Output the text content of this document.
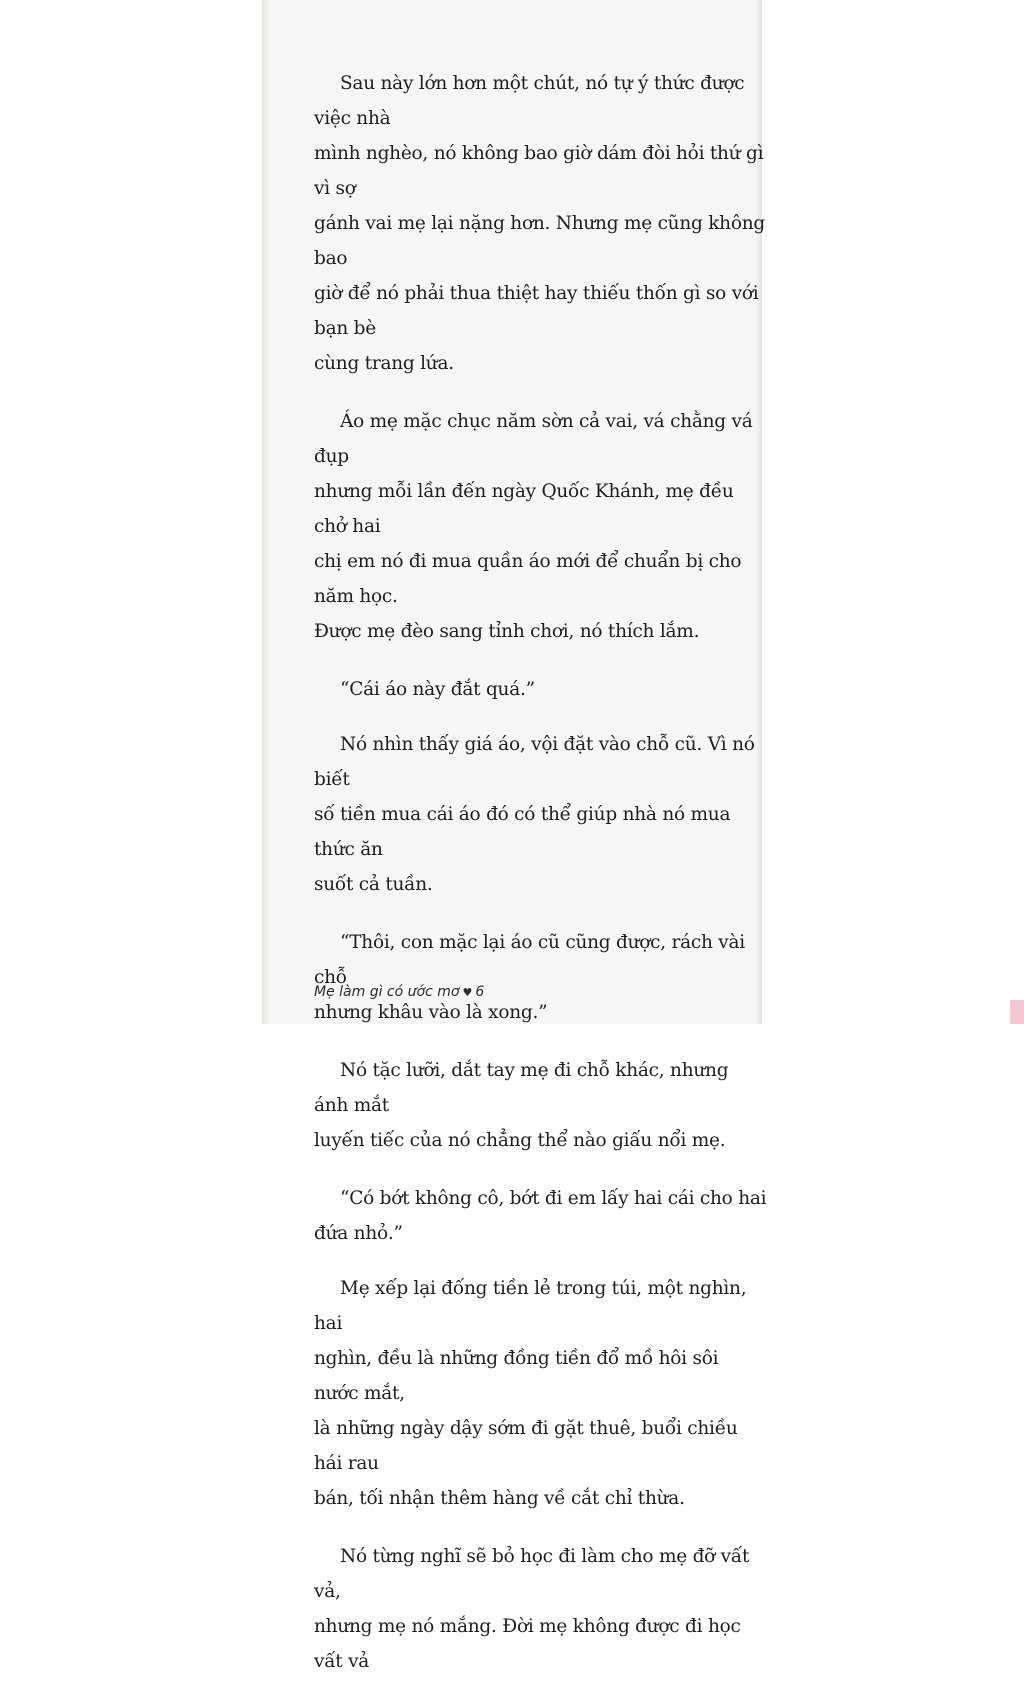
Sau này lớn hơn một chút, nó tự ý thức được việc nhà
mình nghèo, nó không bao giờ dám đòi hỏi thứ gì vì sợ
gánh vai mẹ lại nặng hơn. Nhưng mẹ cũng không bao
giờ để nó phải thua thiệt hay thiếu thốn gì so với bạn bè
cùng trang lứa.

Áo mẹ mặc chục năm sờn cả vai, vá chằng vá đụp
nhưng mỗi lần đến ngày Quốc Khánh, mẹ đều chở hai
chị em nó đi mua quần áo mới để chuẩn bị cho năm học.
Được mẹ đèo sang tỉnh chơi, nó thích lắm.

“Cái áo này đắt quá.”

Nó nhìn thấy giá áo, vội đặt vào chỗ cũ. Vì nó biết
số tiền mua cái áo đó có thể giúp nhà nó mua thức ăn
suốt cả tuần.

“Thôi, con mặc lại áo cũ cũng được, rách vài chỗ
nhưng khâu vào là xong.”

Nó tặc lưỡi, dắt tay mẹ đi chỗ khác, nhưng ánh mắt
luyến tiếc của nó chẳng thể nào giấu nổi mẹ.

“Có bớt không cô, bớt đi em lấy hai cái cho hai đứa nhỏ.”

Mẹ xếp lại đống tiền lẻ trong túi, một nghìn, hai
nghìn, đều là những đồng tiền đổ mồ hôi sôi nước mắt,
là những ngày dậy sớm đi gặt thuê, buổi chiều hái rau
bán, tối nhận thêm hàng về cắt chỉ thừa.

Nó từng nghĩ sẽ bỏ học đi làm cho mẹ đỡ vất vả,
nhưng mẹ nó mắng. Đời mẹ không được đi học vất vả

Mẹ làm gì có ước mơ ♥ 6
